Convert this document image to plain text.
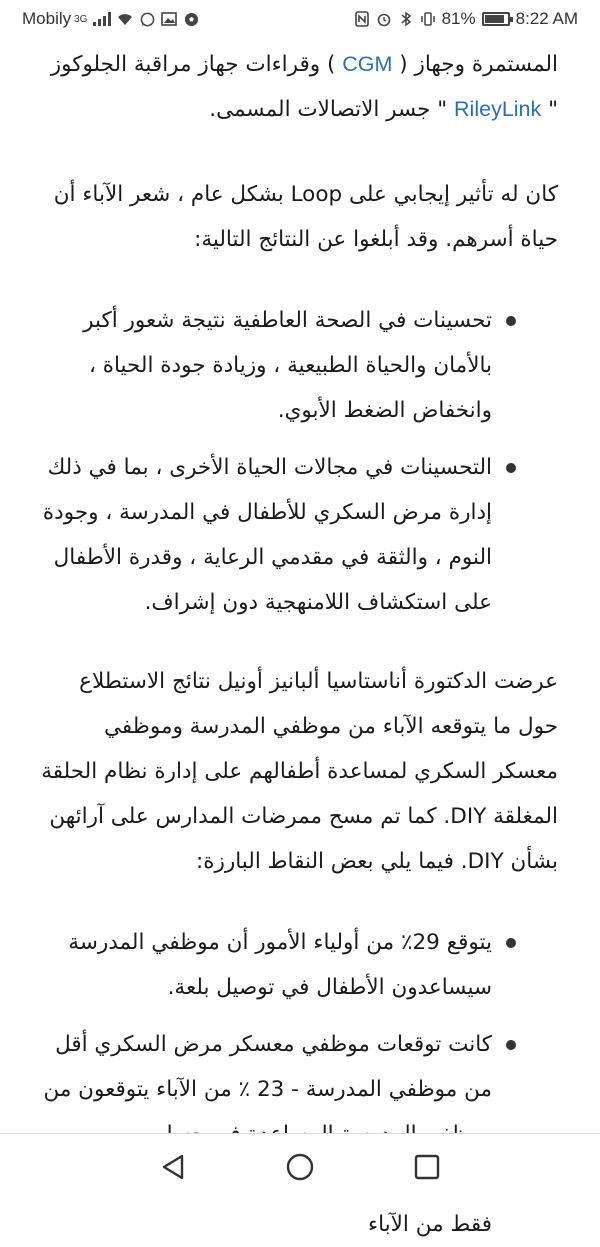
Mobily 3G	81% 8:22 AM

المستمرة وجهاز ( CGM ) وقراءات جهاز مراقبة الجلوكوز " RileyLink " جسر الاتصالات المسمى.

كان له تأثير إيجابي على Loop بشكل عام ، شعر الآباء أن حياة أسرهم. وقد أبلغوا عن النتائج التالية:

تحسينات في الصحة العاطفية نتيجة شعور أكبر بالأمان والحياة الطبيعية ، وزيادة جودة الحياة ، وانخفاض الضغط الأبوي.
التحسينات في مجالات الحياة الأخرى ، بما في ذلك إدارة مرض السكري للأطفال في المدرسة ، وجودة النوم ، والثقة في مقدمي الرعاية ، وقدرة الأطفال على استكشاف اللامنهجية دون إشراف.

عرضت الدكتورة أناستاسيا ألبانيز أونيل نتائج الاستطلاع حول ما يتوقعه الآباء من موظفي المدرسة وموظفي معسكر السكري لمساعدة أطفالهم على إدارة نظام الحلقة المغلقة DIY. كما تم مسح ممرضات المدارس على آرائهن بشأن DIY. فيما يلي بعض النقاط البارزة:

يتوقع 29٪ من أولياء الأمور أن موظفي المدرسة سيساعدون الأطفال في توصيل بلعة.
كانت توقعات موظفي معسكر مرض السكري أقل من موظفي المدرسة - 23 ٪ من الآباء يتوقعون من فقط من الآباء
